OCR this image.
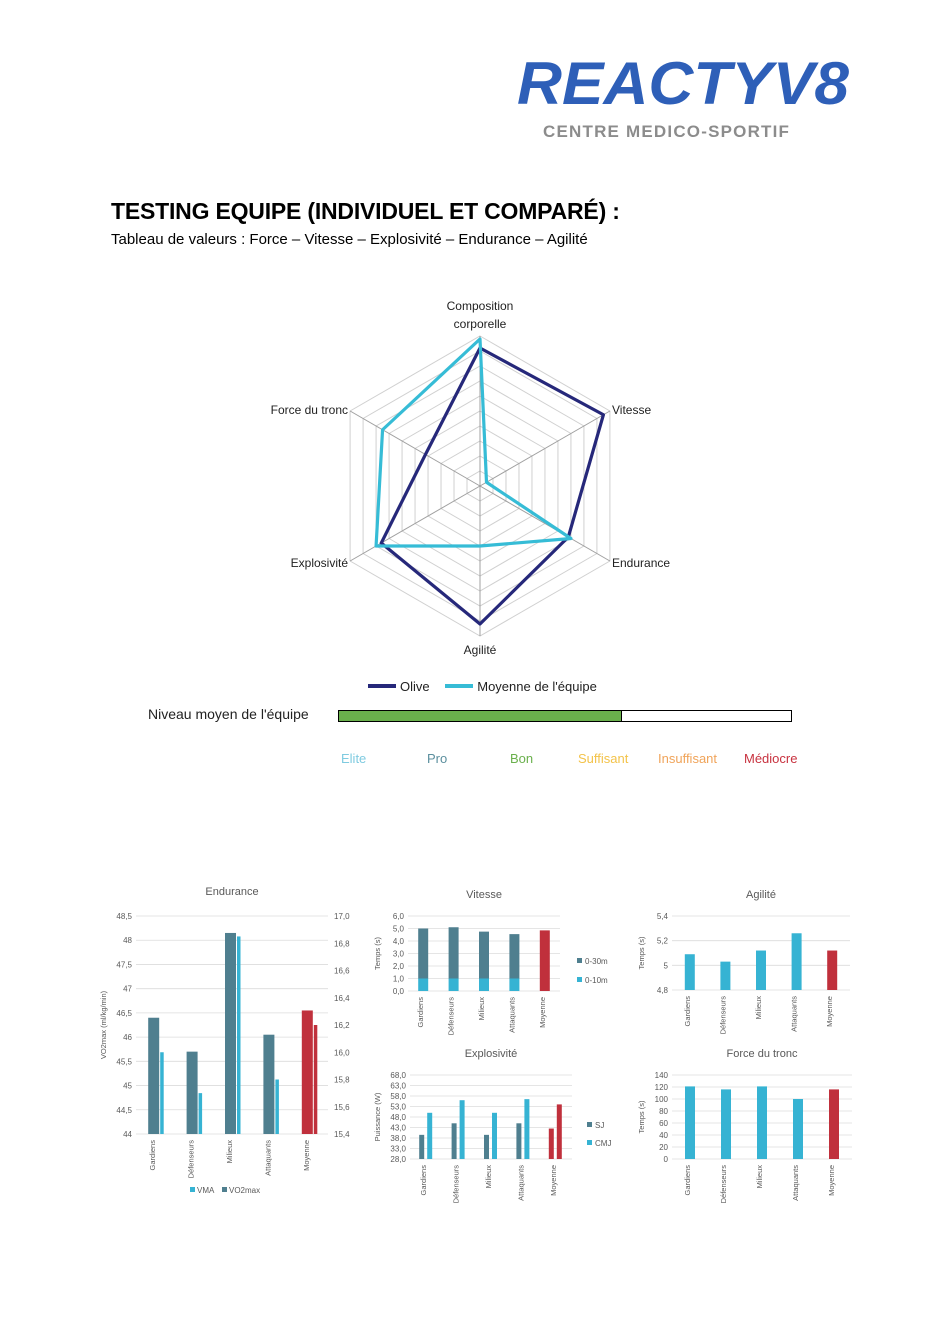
REACTYV8
CENTRE MEDICO-SPORTIF
TESTING EQUIPE (INDIVIDUEL ET COMPARÉ) :
Tableau de valeurs : Force – Vitesse – Explosivité – Endurance – Agilité
Composition corporelle
Vitesse
Endurance
Agilité
Explosivité
Force du tronc
Olive
	Moyenne de l'équipe
Niveau moyen de l'équipe
Elite	Pro	Bon	Suffisant Insuffisant Médiocre
Endurance
44
44,5
45
45,5
46
46,5
47
47,5
48
48,5
15,4
15,6
15,8
16,0
16,2
16,4
16,6
16,8
17,0
VO2max (ml/kg/min)
Gardiens	Défenseurs	Milieux	Attaquants	Moyenne
VMA VO2max
Vitesse
0,0
1,0
2,0
3,0
4,0
5,0
6,0
Temps (s)
Gardiens	Défenseurs	Milieux	Attaquants	Moyenne
0-30m
0-10m
Agilité
4,8
5
5,2
5,4
Temps (s)
Gardiens	Défenseurs	Milieux	Attaquants	Moyenne
Explosivité
28,0
33,0
38,0
43,0
48,0
53,0
58,0
63,0
68,0
Puissance (W)
Gardiens	Défenseurs	Milieux	Attaquants	Moyenne
SJ
CMJ
Force du tronc
0
20
40
60
80
100
120
140
Temps (s)
Gardiens	Défenseurs	Milieux	Attaquants	Moyenne
